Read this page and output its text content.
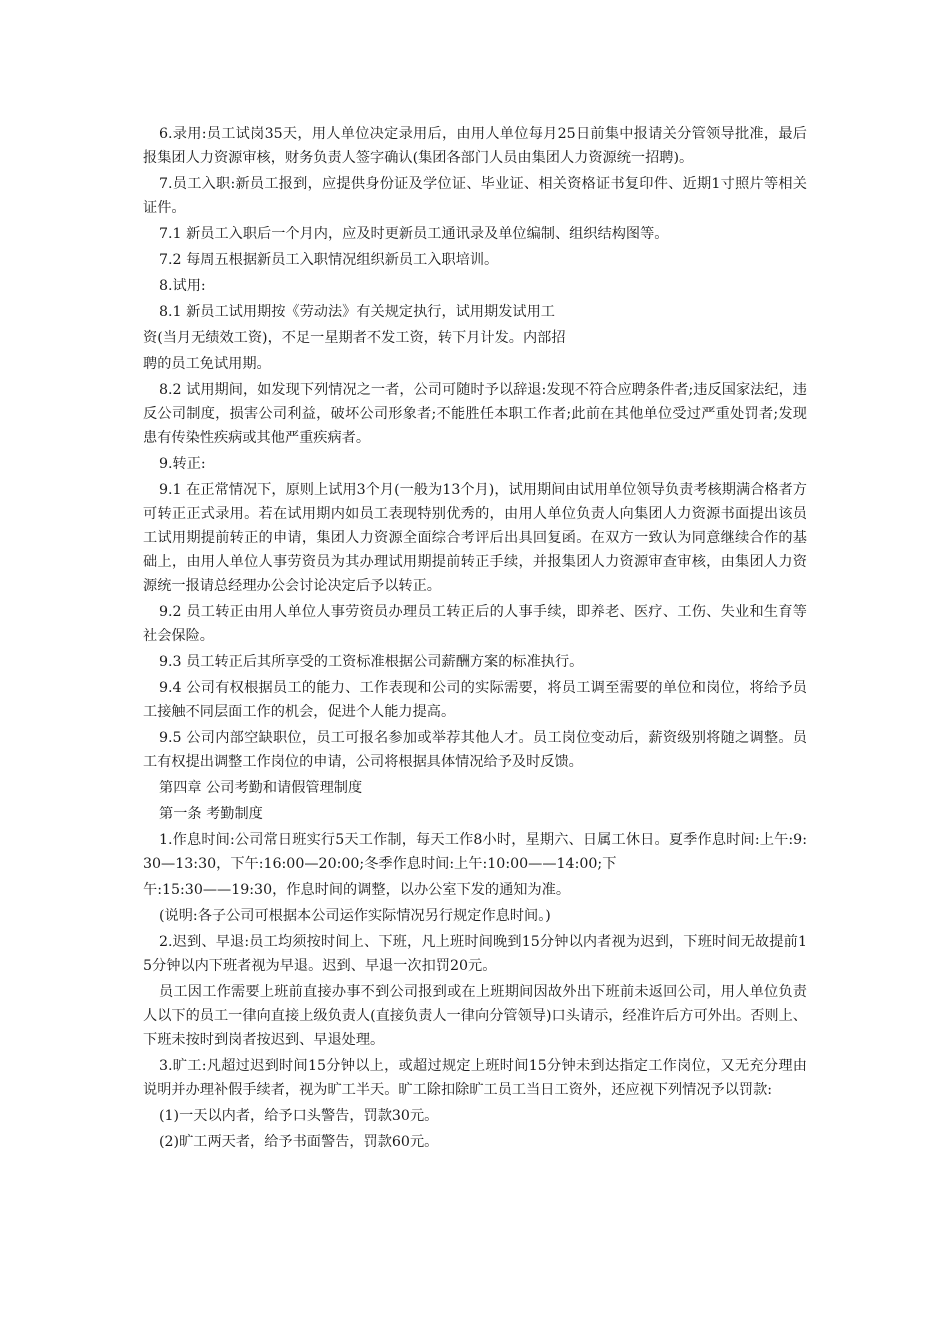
6.录用:员工试岗35天，用人单位决定录用后，由用人单位每月25日前集中报请关分管领导批准，最后报集团人力资源审核，财务负责人签字确认(集团各部门人员由集团人力资源统一招聘)。

7.员工入职:新员工报到，应提供身份证及学位证、毕业证、相关资格证书复印件、近期1寸照片等相关证件。

7.1 新员工入职后一个月内，应及时更新员工通讯录及单位编制、组织结构图等。

7.2 每周五根据新员工入职情况组织新员工入职培训。

8.试用:

8.1 新员工试用期按《劳动法》有关规定执行，试用期发试用工

资(当月无绩效工资)，不足一星期者不发工资，转下月计发。内部招

聘的员工免试用期。

8.2 试用期间，如发现下列情况之一者，公司可随时予以辞退:发现不符合应聘条件者;违反国家法纪，违反公司制度，损害公司利益，破坏公司形象者;不能胜任本职工作者;此前在其他单位受过严重处罚者;发现患有传染性疾病或其他严重疾病者。

9.转正:

9.1 在正常情况下，原则上试用3个月(一般为13个月)，试用期间由试用单位领导负责考核期满合格者方可转正正式录用。若在试用期内如员工表现特别优秀的，由用人单位负责人向集团人力资源书面提出该员工试用期提前转正的申请，集团人力资源全面综合考评后出具回复函。在双方一致认为同意继续合作的基础上，由用人单位人事劳资员为其办理试用期提前转正手续，并报集团人力资源审查审核，由集团人力资源统一报请总经理办公会讨论决定后予以转正。

9.2 员工转正由用人单位人事劳资员办理员工转正后的人事手续，即养老、医疗、工伤、失业和生育等社会保险。

9.3 员工转正后其所享受的工资标准根据公司薪酬方案的标准执行。

9.4 公司有权根据员工的能力、工作表现和公司的实际需要，将员工调至需要的单位和岗位，将给予员工接触不同层面工作的机会，促进个人能力提高。

9.5 公司内部空缺职位，员工可报名参加或举荐其他人才。员工岗位变动后，薪资级别将随之调整。员工有权提出调整工作岗位的申请，公司将根据具体情况给予及时反馈。

第四章 公司考勤和请假管理制度

第一条 考勤制度

1.作息时间:公司常日班实行5天工作制，每天工作8小时，星期六、日属工休日。夏季作息时间:上午:9:30—13:30，下午:16:00—20:00;冬季作息时间:上午:10:00——14:00;下

午:15:30——19:30，作息时间的调整，以办公室下发的通知为准。

(说明:各子公司可根据本公司运作实际情况另行规定作息时间。)

2.迟到、早退:员工均须按时间上、下班，凡上班时间晚到15分钟以内者视为迟到，下班时间无故提前15分钟以内下班者视为早退。迟到、早退一次扣罚20元。

员工因工作需要上班前直接办事不到公司报到或在上班期间因故外出下班前未返回公司，用人单位负责人以下的员工一律向直接上级负责人(直接负责人一律向分管领导)口头请示，经准许后方可外出。否则上、下班未按时到岗者按迟到、早退处理。

3.旷工:凡超过迟到时间15分钟以上，或超过规定上班时间15分钟未到达指定工作岗位，又无充分理由说明并办理补假手续者，视为旷工半天。旷工除扣除旷工员工当日工资外，还应视下列情况予以罚款:

(1)一天以内者，给予口头警告，罚款30元。

(2)旷工两天者，给予书面警告，罚款60元。
